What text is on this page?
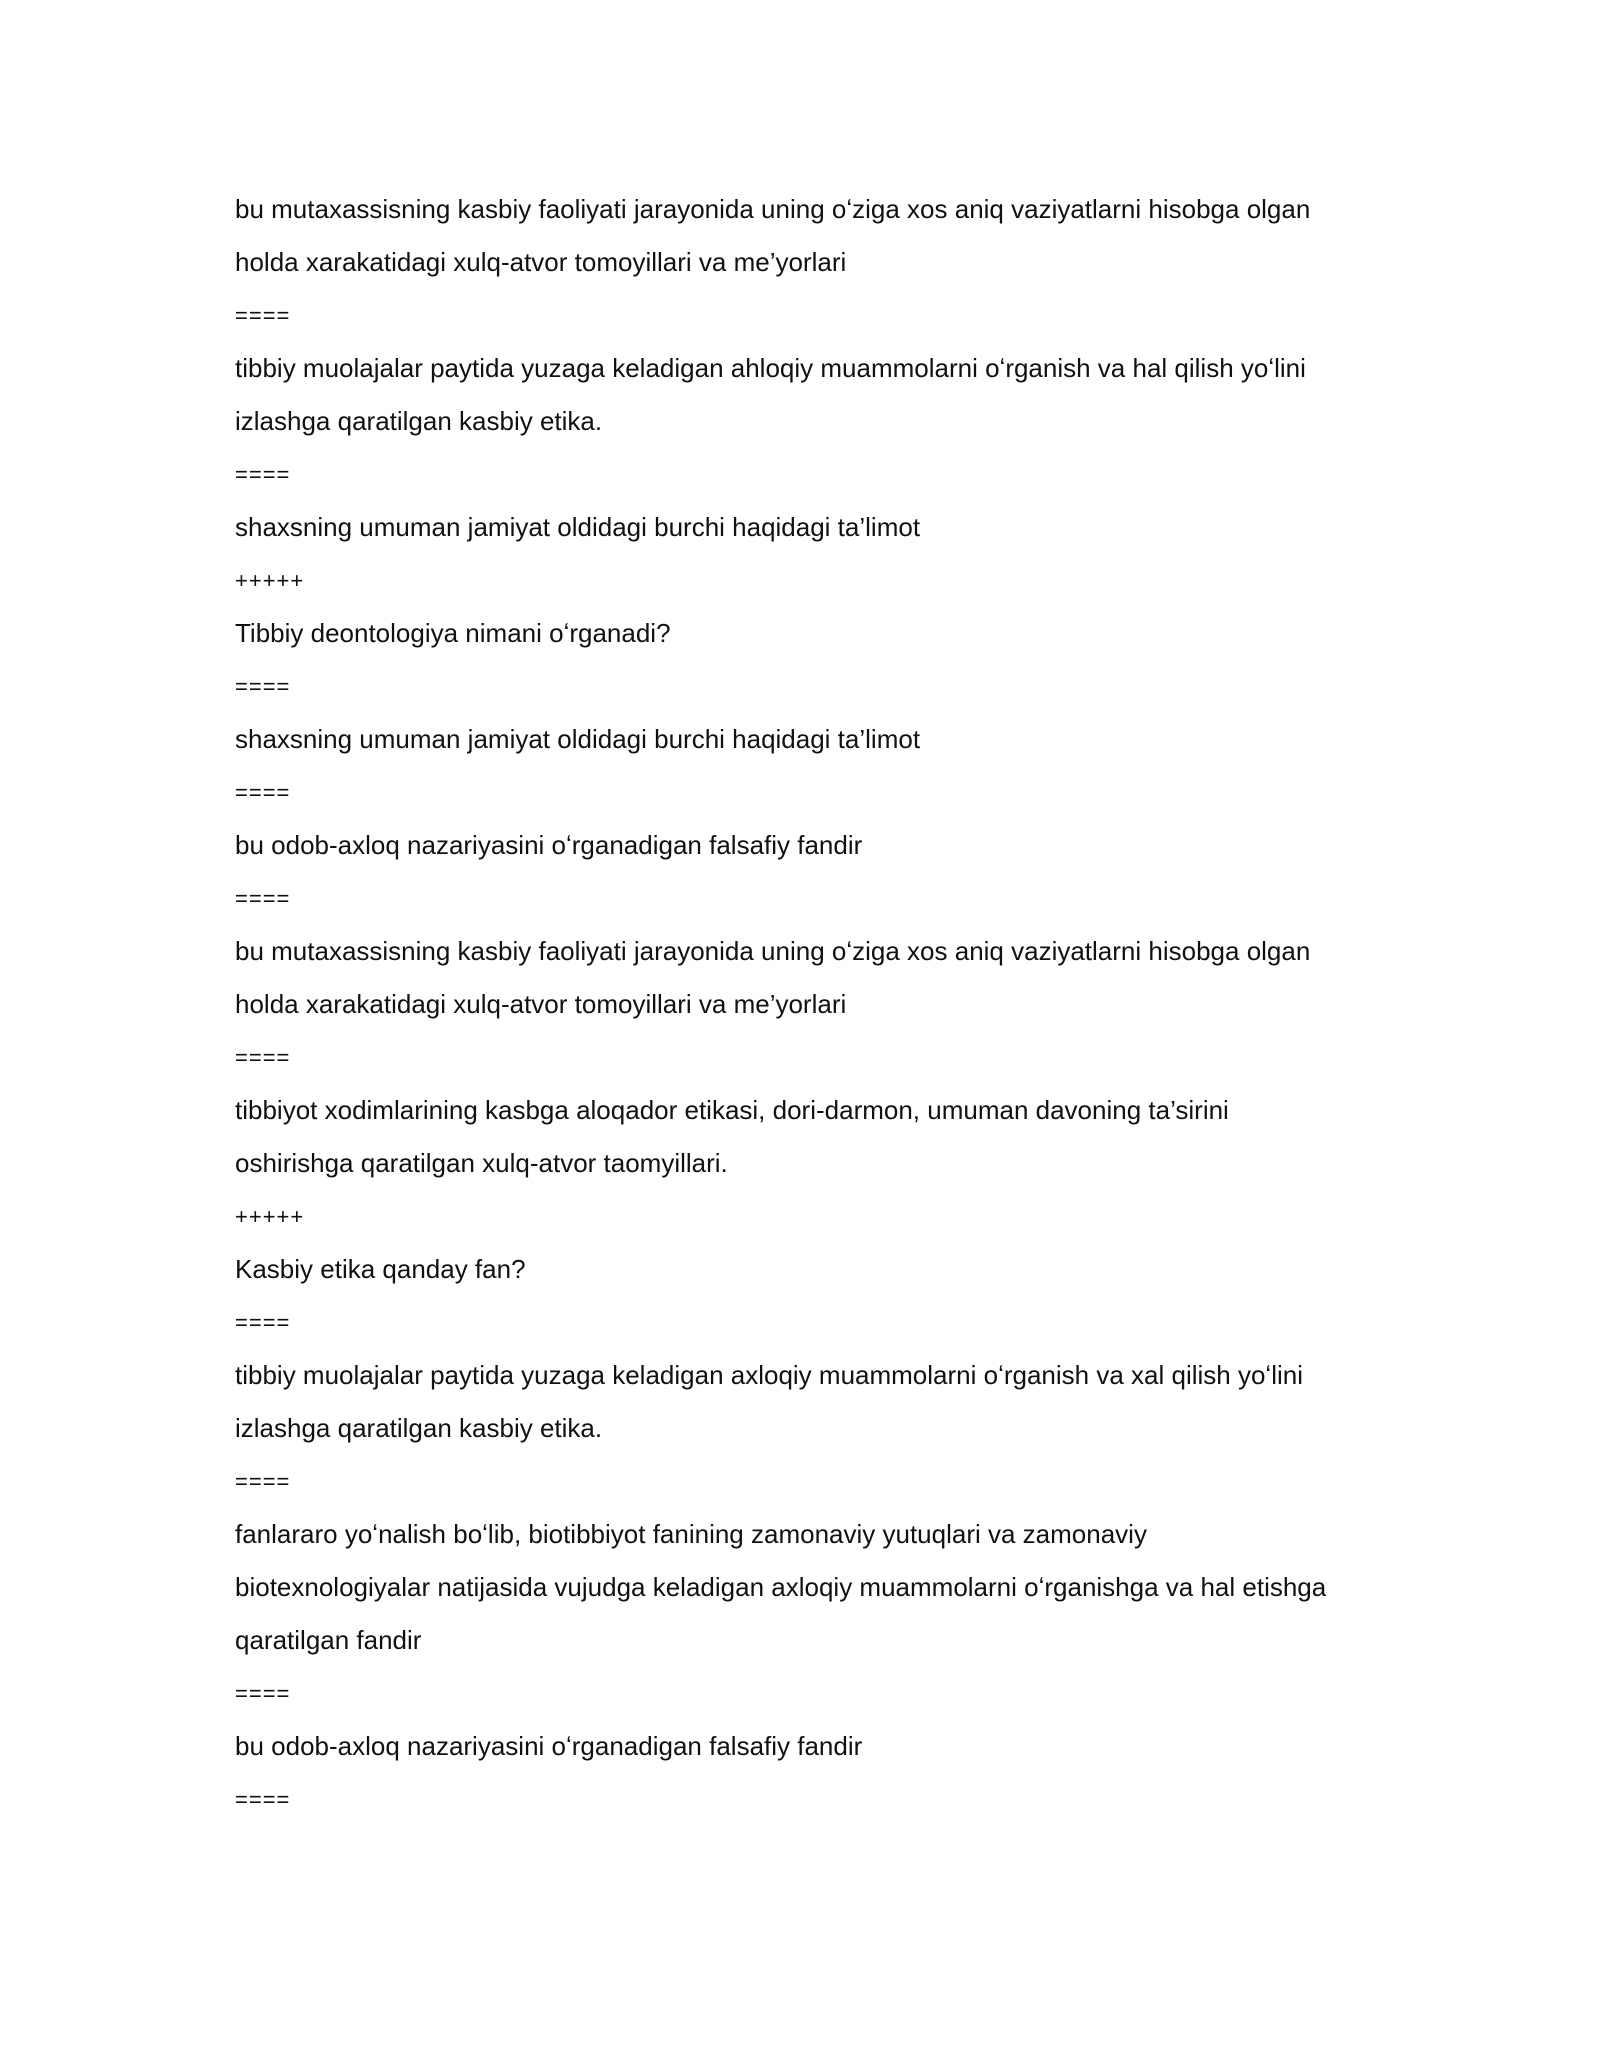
bu mutaxassisning kasbiy faoliyati jarayonida uning oʻziga xos aniq vaziyatlarni hisobga olgan
holda xarakatidagi xulq-atvor tomoyillari va me’yorlari
====
tibbiy muolajalar paytida yuzaga keladigan ahloqiy muammolarni oʻrganish va hal qilish yoʻlini
izlashga qaratilgan kasbiy etika.
====
shaxsning umuman jamiyat oldidagi burchi haqidagi ta’limot
+++++
Tibbiy deontologiya nimani oʻrganadi?
====
shaxsning umuman jamiyat oldidagi burchi haqidagi ta’limot
====
bu odob-axloq nazariyasini oʻrganadigan falsafiy fandir
====
bu mutaxassisning kasbiy faoliyati jarayonida uning oʻziga xos aniq vaziyatlarni hisobga olgan
holda xarakatidagi xulq-atvor tomoyillari va me’yorlari
====
tibbiyot xodimlarining kasbga aloqador etikasi, dori-darmon, umuman davoning ta’sirini
oshirishga qaratilgan xulq-atvor taomyillari.
+++++
Kasbiy etika qanday fan?
====
tibbiy muolajalar paytida yuzaga keladigan axloqiy muammolarni oʻrganish va xal qilish yoʻlini
izlashga qaratilgan kasbiy etika.
====
fanlararo yoʻnalish boʻlib, biotibbiyot fanining zamonaviy yutuqlari va zamonaviy
biotexnologiyalar natijasida vujudga keladigan axloqiy muammolarni oʻrganishga va hal etishga
qaratilgan fandir
====
bu odob-axloq nazariyasini oʻrganadigan falsafiy fandir
====
